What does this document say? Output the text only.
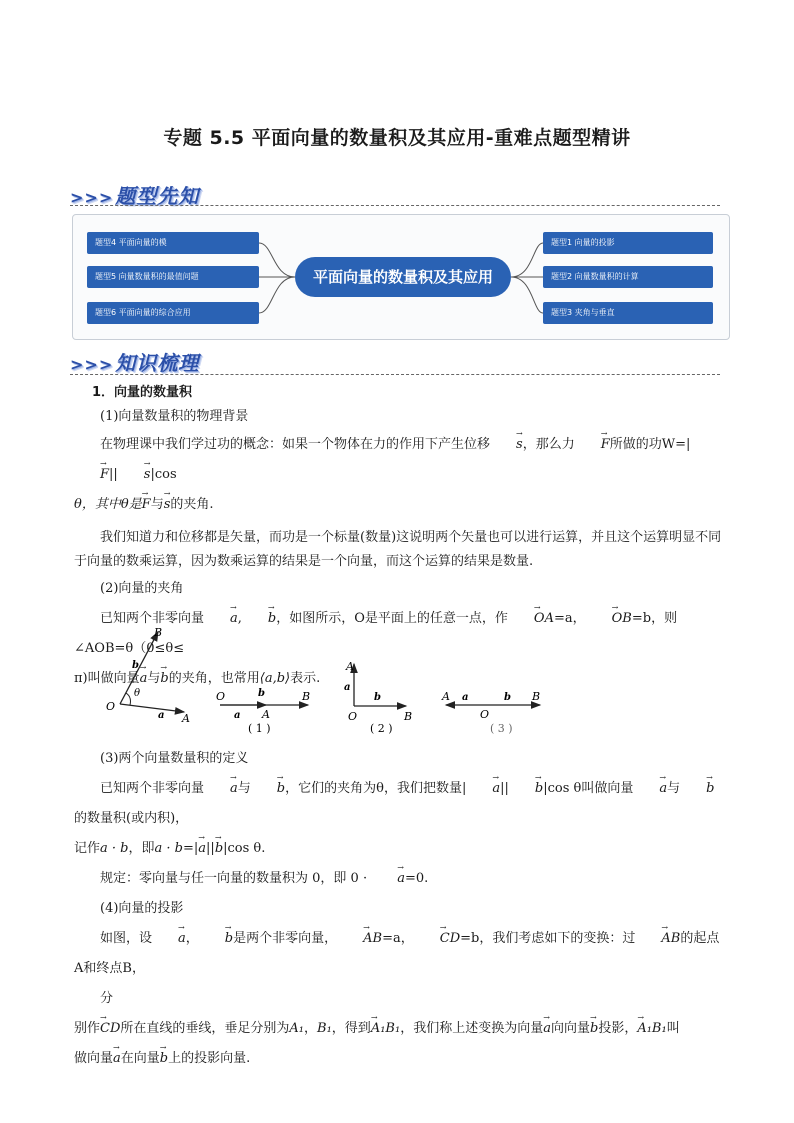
专题 5.5 平面向量的数量积及其应用-重难点题型精讲
>>> 题型先知
题型4 平面向量的模
题型5 向量数量积的最值问题
题型6 平面向量的综合应用
平面向量的数量积及其应用
题型1 向量的投影
题型2 向量数量积的计算
题型3 夹角与垂直
>>> 知识梳理

1．向量的数量积

(1)向量数量积的物理背景

在物理课中我们学过功的概念：如果一个物体在力的作用下产生位移 → s，那么力 → F所做的功W=|→ F|| → s|cos

θ，其中θ是→ F与→ s的夹角.

我们知道力和位移都是矢量，而功是一个标量(数量)这说明两个矢量也可以进行运算，并且这个运算明显不同于向量的数乘运算，因为数乘运算的结果是一个向量，而这个运算的结果是数量.

(2)向量的夹角

已知两个非零向量 → a, → b，如图所示，O是平面上的任意一点，作 → OA=a， → OB=b，则∠AOB=θ（0≤θ≤

π)叫做向量→ a与→ b的夹角，也常用⟨a,b⟩表示.

B
O
A
a
b
θ	O	b	B
a A
( 1 )
A
a
b
O	B
( 2 )
A a	b B
O
( 3 )

(3)两个向量数量积的定义

已知两个非零向量 → a与 → b，它们的夹角为θ，我们把数量| → a|| → b|cos θ叫做向量 → a与 → b的数量积(或内积)，

记作a · b，即a · b=|→ a||→ b|cos θ.

规定：零向量与任一向量的数量积为 0，即 0 · → a=0.

(4)向量的投影

如图，设 → a， → b是两个非零向量， → AB=a， → CD=b，我们考虑如下的变换：过 → AB的起点A和终点B，

分

别作→ CD所在直线的垂线，垂足分别为A₁，B₁，得到→ A₁B₁，我们称上述变换为向量→ a向向量→ b投影，→ A₁B₁叫

做向量→ a在向量→ b上的投影向量.
